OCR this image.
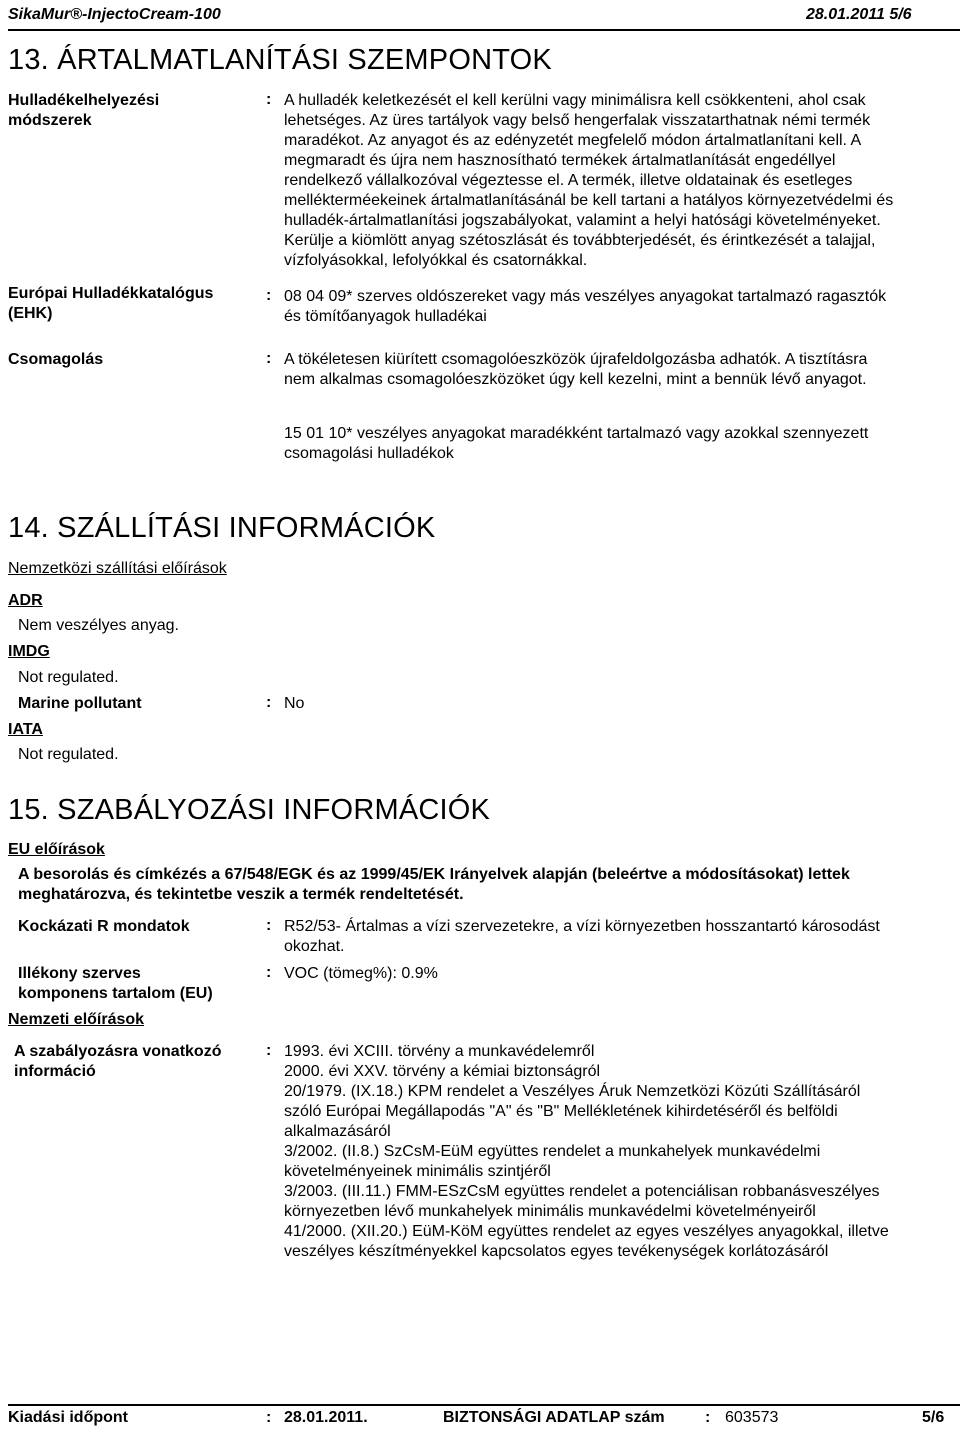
SikaMur®-InjectoCream-100	28.01.2011 5/6
13. ÁRTALMATLANÍTÁSI SZEMPONTOK
Hulladékelhelyezési
módszerek
: A hulladék keletkezését el kell kerülni vagy minimálisra kell csökkenteni, ahol csak
lehetséges. Az üres tartályok vagy belső hengerfalak visszatarthatnak némi termék
maradékot. Az anyagot és az edényzetét megfelelő módon ártalmatlanítani kell. A
megmaradt és újra nem hasznosítható termékek ártalmatlanítását engedéllyel
rendelkező vállalkozóval végeztesse el. A termék, illetve oldatainak és esetleges
mellékterméekeinek ártalmatlanításánál be kell tartani a hatályos környezetvédelmi és
hulladék-ártalmatlanítási jogszabályokat, valamint a helyi hatósági követelményeket.
Kerülje a kiömlött anyag szétoszlását és továbbterjedését, és érintkezését a talajjal,
vízfolyásokkal, lefolyókkal és csatornákkal.
Európai Hulladékkatalógus
(EHK)
: 08 04 09* szerves oldószereket vagy más veszélyes anyagokat tartalmazó ragasztók
és tömítőanyagok hulladékai
Csomagolás	: A tökéletesen kiürített csomagolóeszközök újrafeldolgozásba adhatók. A tisztításra
nem alkalmas csomagolóeszközöket úgy kell kezelni, mint a bennük lévő anyagot.
15 01 10* veszélyes anyagokat maradékként tartalmazó vagy azokkal szennyezett
csomagolási hulladékok
14. SZÁLLÍTÁSI INFORMÁCIÓK
Nemzetközi szállítási előírások
ADR
Nem veszélyes anyag.
IMDG
Not regulated.
Marine pollutant	: No
IATA
Not regulated.
15. SZABÁLYOZÁSI INFORMÁCIÓK
EU előírások
A besorolás és címkézés a 67/548/EGK és az 1999/45/EK Irányelvek alapján (beleértve a módosításokat) lettek
meghatározva, és tekintetbe veszik a termék rendeltetését.
Kockázati R mondatok	: R52/53- Ártalmas a vízi szervezetekre, a vízi környezetben hosszantartó károsodást
okozhat.
Illékony szerves
komponens tartalom (EU)
: VOC (tömeg%): 0.9%
Nemzeti előírások
A szabályozásra vonatkozó
információ
: 1993. évi XCIII. törvény a munkavédelemről
2000. évi XXV. törvény a kémiai biztonságról
20/1979. (IX.18.) KPM rendelet a Veszélyes Áruk Nemzetközi Közúti Szállításáról
szóló Európai Megállapodás "A" és "B" Mellékletének kihirdetéséről és belföldi
alkalmazásáról
3/2002. (II.8.) SzCsM-EüM együttes rendelet a munkahelyek munkavédelmi
követelményeinek minimális szintjéről
3/2003. (III.11.) FMM-ESzCsM együttes rendelet a potenciálisan robbanásveszélyes
környezetben lévő munkahelyek minimális munkavédelmi követelményeiről
41/2000. (XII.20.) EüM-KöM együttes rendelet az egyes veszélyes anyagokkal, illetve
veszélyes készítményekkel kapcsolatos egyes tevékenységek korlátozásáról
Kiadási időpont	: 28.01.2011.	BIZTONSÁGI ADATLAP szám	: 603573	5/6
